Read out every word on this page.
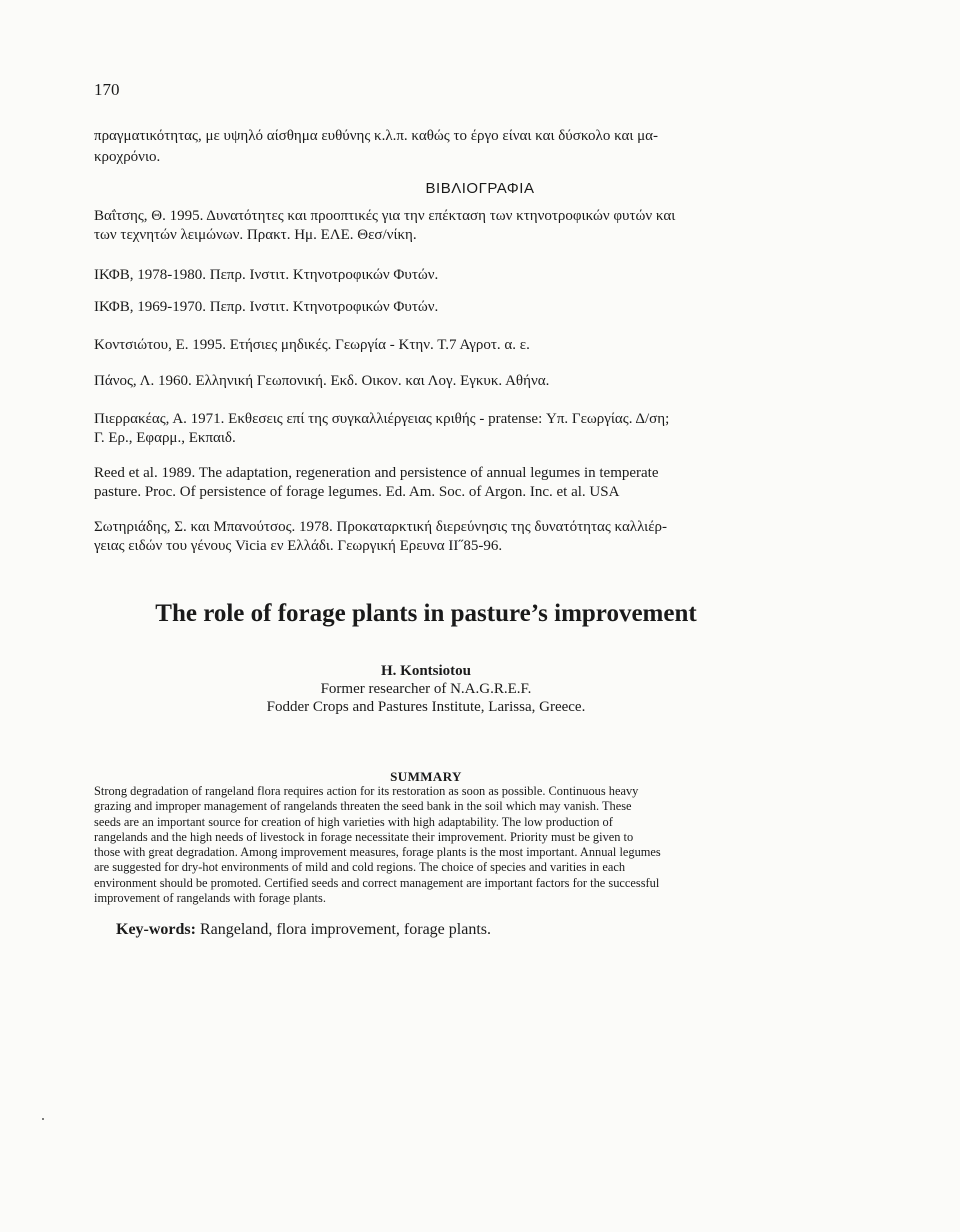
170
πραγματικότητας, με υψηλό αίσθημα ευθύνης κ.λ.π. καθώς το έργο είναι και δύσκολο και μα-
κροχρόνιο.
ΒΙΒΛΙΟΓΡΑΦΙΑ
Βαΐτσης, Θ. 1995. Δυνατότητες και προοπτικές για την επέκταση των κτηνοτροφικών φυτών και
των τεχνητών λειμώνων. Πρακτ. Ημ. ΕΛΕ. Θεσ/νίκη.
ΙΚΦΒ, 1978-1980. Πεπρ. Ινστιτ. Κτηνοτροφικών Φυτών.
ΙΚΦΒ, 1969-1970. Πεπρ. Ινστιτ. Κτηνοτροφικών Φυτών.
Κοντσιώτου, Ε. 1995. Ετήσιες μηδικές. Γεωργία - Κτην. Τ.7 Αγροτ. α. ε.
Πάνος, Λ. 1960. Ελληνική Γεωπονική. Εκδ. Οικον. και Λογ. Εγκυκ. Αθήνα.
Πιερρακέας, Α. 1971. Εκθεσεις επί της συγκαλλιέργειας κριθής - pratense: Υπ. Γεωργίας. Δ/ση;
Γ. Ερ., Εφαρμ., Εκπαιδ.
Reed et al. 1989. The adaptation, regeneration and persistence of annual legumes in temperate
pasture. Proc. Of persistence of forage legumes. Ed. Am. Soc. of Argon. Inc. et al. USA
Σωτηριάδης, Σ. και Μπανούτσος. 1978. Προκαταρκτική διερεύνησις της δυνατότητας καλλιέρ-
γειας ειδών του γένους Vicia εν Ελλάδι. Γεωργική Ερευνα ΙΙ˝85-96.
The role of forage plants in pasture’s improvement
H. Kontsiotou
Former researcher of N.A.G.R.E.F.
Fodder Crops and Pastures Institute, Larissa, Greece.
SUMMARY
Strong degradation of rangeland flora requires action for its restoration as soon as possible. Continuous heavy
grazing and improper management of rangelands threaten the seed bank in the soil which may vanish. These
seeds are an important source for creation of high varieties with high adaptability. The low production of
rangelands and the high needs of livestock in forage necessitate their improvement. Priority must be given to
those with great degradation. Among improvement measures, forage plants is the most important. Annual legumes
are suggested for dry-hot environments of mild and cold regions. The choice of species and varities in each
environment should be promoted. Certified seeds and correct management are important factors for the successful
improvement of rangelands with forage plants.
Key-words: Rangeland, flora improvement, forage plants.
